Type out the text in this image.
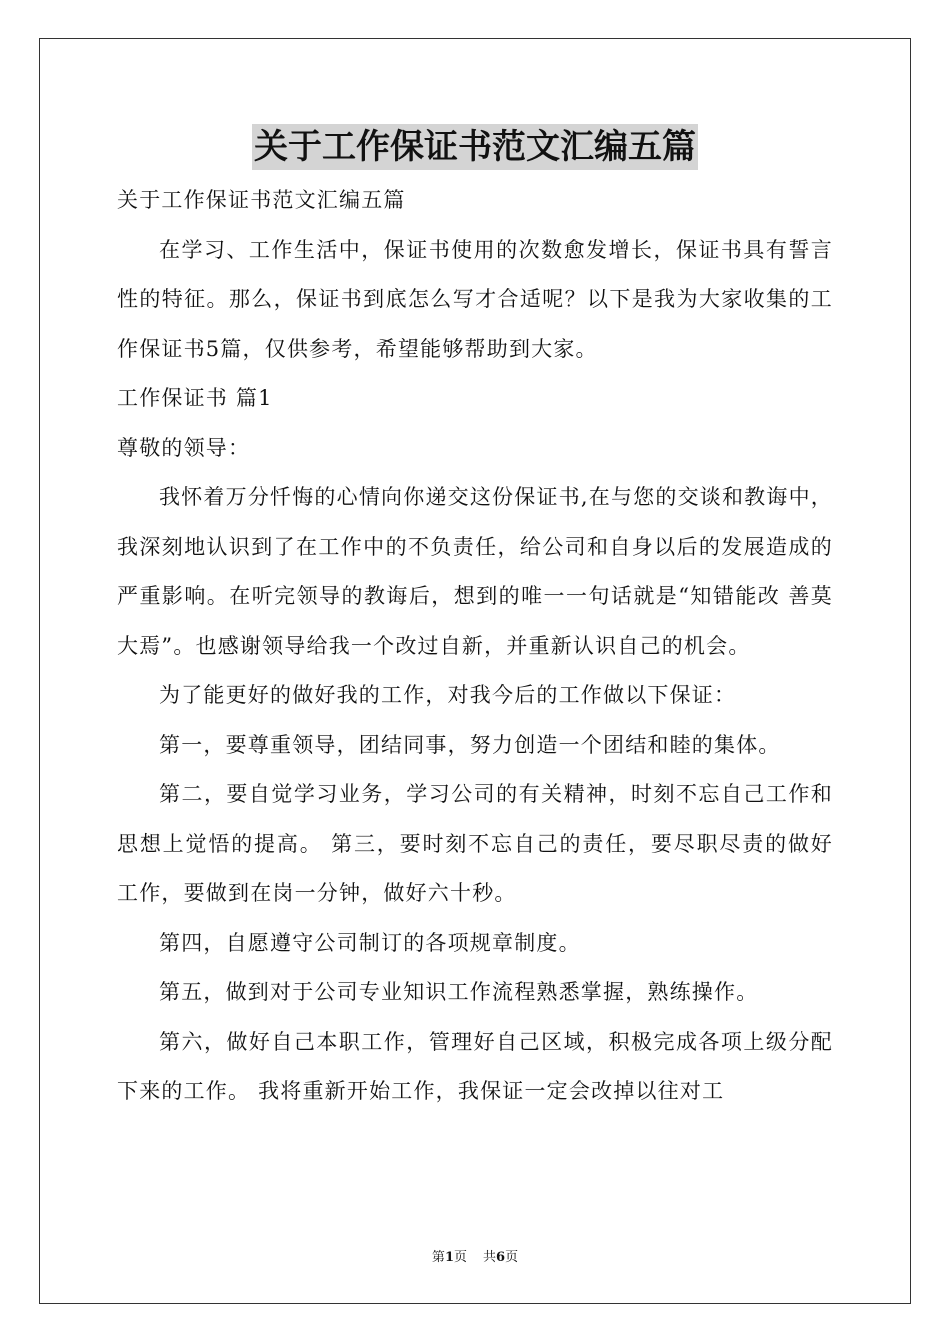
关于工作保证书范文汇编五篇

关于工作保证书范文汇编五篇

在学习、工作生活中，保证书使用的次数愈发增长，保证书具有誓言性的特征。那么，保证书到底怎么写才合适呢？以下是我为大家收集的工作保证书5篇，仅供参考，希望能够帮助到大家。

工作保证书 篇1

尊敬的领导：

我怀着万分忏悔的心情向你递交这份保证书,在与您的交谈和教诲中，我深刻地认识到了在工作中的不负责任，给公司和自身以后的发展造成的严重影响。在听完领导的教诲后，想到的唯一一句话就是“知错能改 善莫大焉”。也感谢领导给我一个改过自新，并重新认识自己的机会。

为了能更好的做好我的工作，对我今后的工作做以下保证：

第一，要尊重领导，团结同事，努力创造一个团结和睦的集体。

第二，要自觉学习业务，学习公司的有关精神，时刻不忘自己工作和思想上觉悟的提高。 第三，要时刻不忘自己的责任，要尽职尽责的做好工作，要做到在岗一分钟，做好六十秒。

第四，自愿遵守公司制订的各项规章制度。

第五，做到对于公司专业知识工作流程熟悉掌握，熟练操作。

第六，做好自己本职工作，管理好自己区域，积极完成各项上级分配下来的工作。 我将重新开始工作，我保证一定会改掉以往对工

第1页 共6页
